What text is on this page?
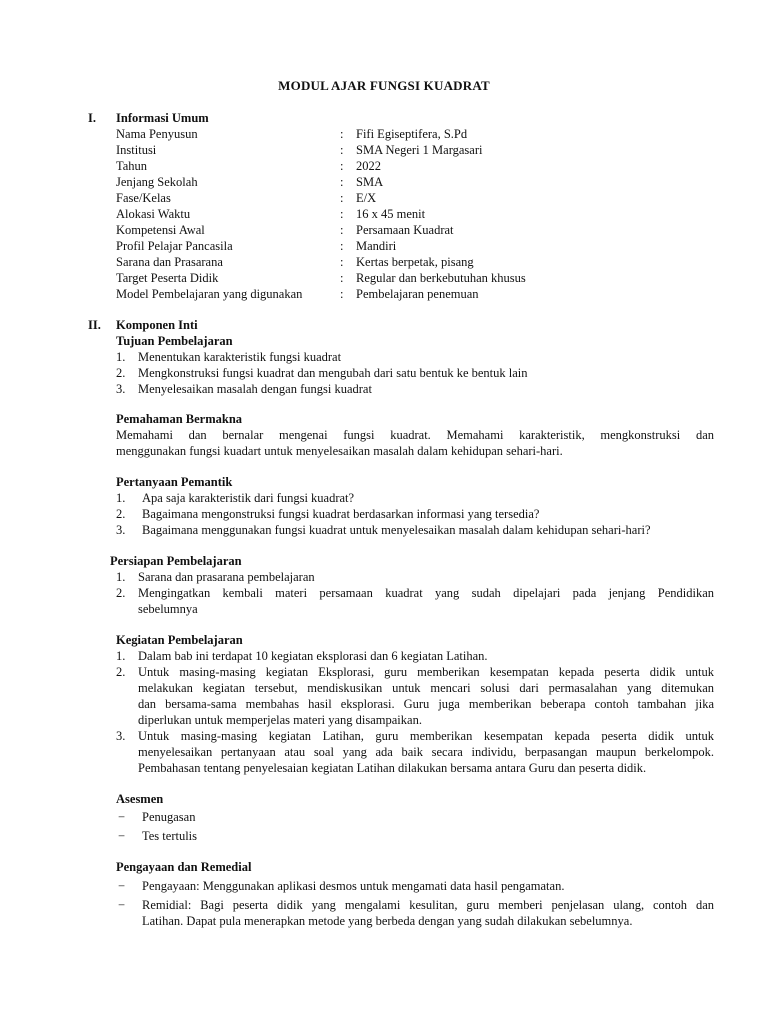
MODUL AJAR FUNGSI KUADRAT
I. Informasi Umum
Nama Penyusun	: Fifi Egiseptifera, S.Pd
Institusi	: SMA Negeri 1 Margasari
Tahun	: 2022
Jenjang Sekolah	: SMA
Fase/Kelas	: E/X
Alokasi Waktu	: 16 x 45 menit
Kompetensi Awal	: Persamaan Kuadrat
Profil Pelajar Pancasila	: Mandiri
Sarana dan Prasarana	: Kertas berpetak, pisang
Target Peserta Didik	: Regular dan berkebutuhan khusus
Model Pembelajaran yang digunakan	: Pembelajaran penemuan
II. Komponen Inti
Tujuan Pembelajaran
1. Menentukan karakteristik fungsi kuadrat
2. Mengkonstruksi fungsi kuadrat dan mengubah dari satu bentuk ke bentuk lain
3. Menyelesaikan masalah dengan fungsi kuadrat
Pemahaman Bermakna
Memahami dan bernalar mengenai fungsi kuadrat. Memahami karakteristik, mengkonstruksi dan
menggunakan fungsi kuadart untuk menyelesaikan masalah dalam kehidupan sehari-hari.
Pertanyaan Pemantik
1. Apa saja karakteristik dari fungsi kuadrat?
2. Bagaimana mengonstruksi fungsi kuadrat berdasarkan informasi yang tersedia?
3. Bagaimana menggunakan fungsi kuadrat untuk menyelesaikan masalah dalam kehidupan sehari-hari?
Persiapan Pembelajaran
1. Sarana dan prasarana pembelajaran
2. Mengingatkan kembali materi persamaan kuadrat yang sudah dipelajari pada jenjang Pendidikan
sebelumnya
Kegiatan Pembelajaran
1. Dalam bab ini terdapat 10 kegiatan eksplorasi dan 6 kegiatan Latihan.
2. Untuk masing-masing kegiatan Eksplorasi, guru memberikan kesempatan kepada peserta didik untuk
melakukan kegiatan tersebut, mendiskusikan untuk mencari solusi dari permasalahan yang ditemukan
dan bersama-sama membahas hasil eksplorasi. Guru juga memberikan beberapa contoh tambahan jika
diperlukan untuk memperjelas materi yang disampaikan.
3. Untuk masing-masing kegiatan Latihan, guru memberikan kesempatan kepada peserta didik untuk
menyelesaikan pertanyaan atau soal yang ada baik secara individu, berpasangan maupun berkelompok.
Pembahasan tentang penyelesaian kegiatan Latihan dilakukan bersama antara Guru dan peserta didik.
Asesmen
− Penugasan
− Tes tertulis
Pengayaan dan Remedial
− Pengayaan: Menggunakan aplikasi desmos untuk mengamati data hasil pengamatan.
− Remidial: Bagi peserta didik yang mengalami kesulitan, guru memberi penjelasan ulang, contoh dan
Latihan. Dapat pula menerapkan metode yang berbeda dengan yang sudah dilakukan sebelumnya.
